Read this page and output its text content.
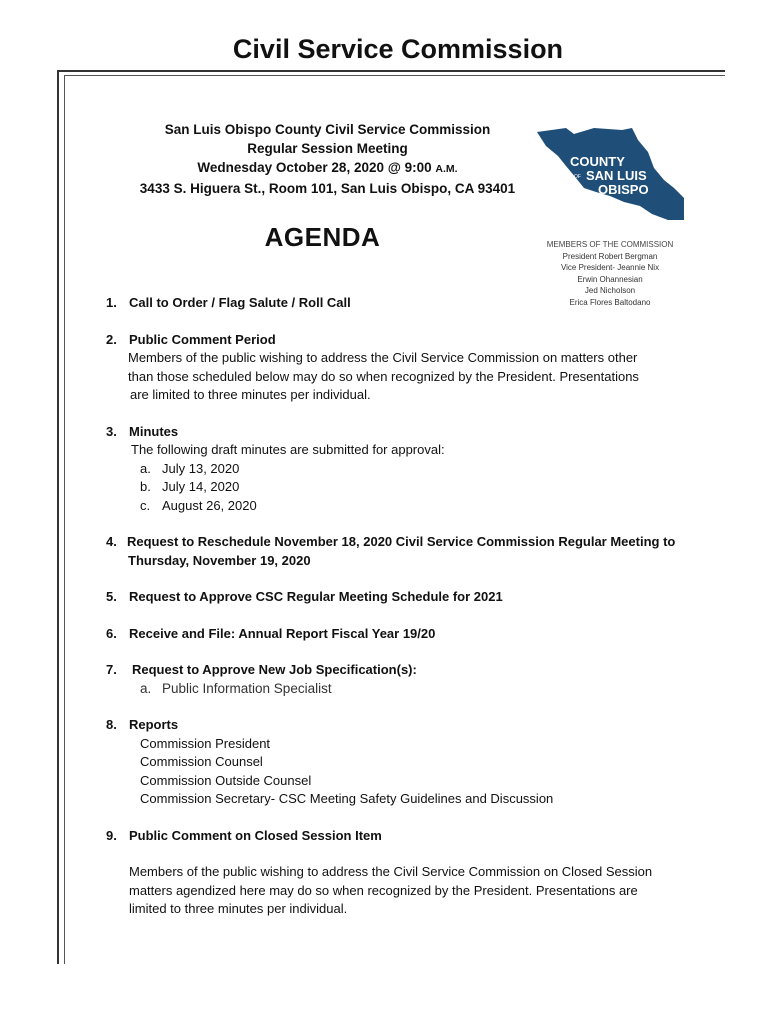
Civil Service Commission
San Luis Obispo County Civil Service Commission
Regular Session Meeting
Wednesday October 28, 2020 @ 9:00 A.M.
3433 S. Higuera St., Room 101, San Luis Obispo, CA 93401
AGENDA
COUNTY
OF SAN LUIS
OBISPO
MEMBERS OF THE COMMISSION
President Robert Bergman
Vice President- Jeannie Nix
Erwin Ohannesian
Jed Nicholson
Erica Flores Baltodano
1. Call to Order / Flag Salute / Roll Call
2. Public Comment Period
Members of the public wishing to address the Civil Service Commission on matters other
than those scheduled below may do so when recognized by the President. Presentations
are limited to three minutes per individual.
3. Minutes
The following draft minutes are submitted for approval:
a. July 13, 2020
b. July 14, 2020
c. August 26, 2020
4. Request to Reschedule November 18, 2020 Civil Service Commission Regular Meeting to
Thursday, November 19, 2020
5. Request to Approve CSC Regular Meeting Schedule for 2021
6. Receive and File: Annual Report Fiscal Year 19/20
7. Request to Approve New Job Specification(s):
a. Public Information Specialist
8. Reports
Commission President
Commission Counsel
Commission Outside Counsel
Commission Secretary- CSC Meeting Safety Guidelines and Discussion
9. Public Comment on Closed Session Item
Members of the public wishing to address the Civil Service Commission on Closed Session
matters agendized here may do so when recognized by the President. Presentations are
limited to three minutes per individual.
